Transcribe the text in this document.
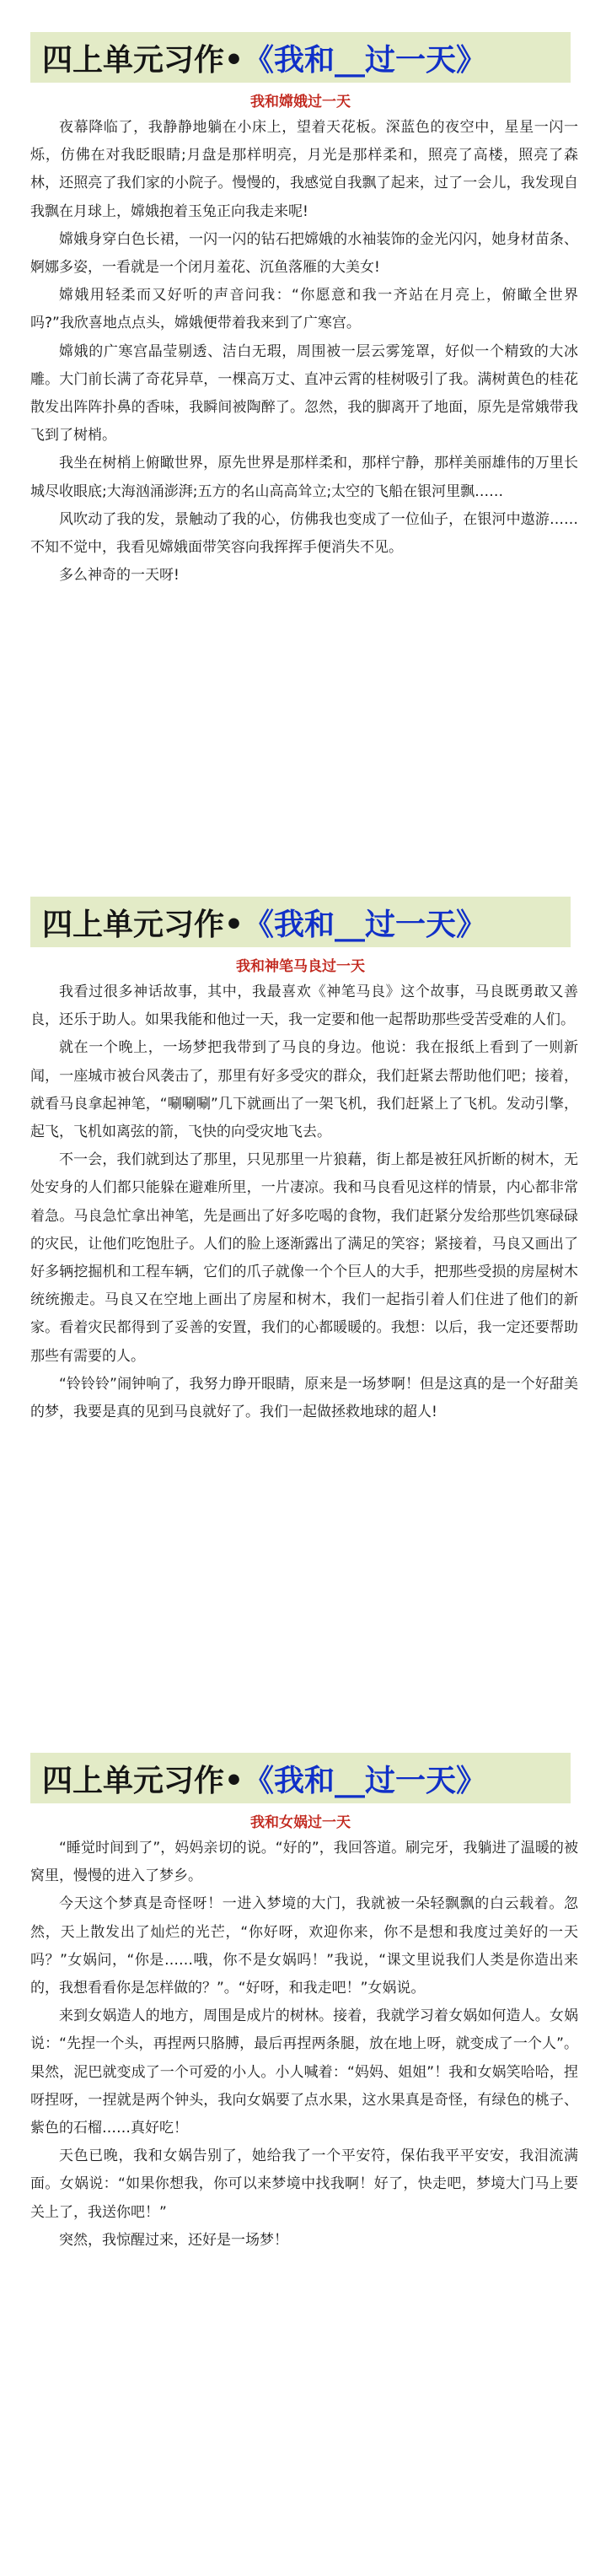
四上单元习作• 《我和__过一天》
我和嫦娥过一天

夜幕降临了，我静静地躺在小床上，望着天花板。深蓝色的夜空中，星星一闪一烁，仿佛在对我眨眼睛;月盘是那样明亮，月光是那样柔和，照亮了高楼，照亮了森林，还照亮了我们家的小院子。慢慢的，我感觉自我飘了起来，过了一会儿，我发现自我飘在月球上，嫦娥抱着玉兔正向我走来呢!

嫦娥身穿白色长裙，一闪一闪的钻石把嫦娥的水袖装饰的金光闪闪，她身材苗条、婀娜多姿，一看就是一个闭月羞花、沉鱼落雁的大美女!

嫦娥用轻柔而又好听的声音问我：“你愿意和我一齐站在月亮上，俯瞰全世界吗?”我欣喜地点点头，嫦娥便带着我来到了广寒宫。

嫦娥的广寒宫晶莹剔透、洁白无瑕，周围被一层云雾笼罩，好似一个精致的大冰雕。大门前长满了奇花异草，一棵高万丈、直冲云霄的桂树吸引了我。满树黄色的桂花散发出阵阵扑鼻的香味，我瞬间被陶醉了。忽然，我的脚离开了地面，原先是常娥带我飞到了树梢。

我坐在树梢上俯瞰世界，原先世界是那样柔和，那样宁静，那样美丽雄伟的万里长城尽收眼底;大海汹涌澎湃;五方的名山高高耸立;太空的飞船在银河里飘……

风吹动了我的发，景触动了我的心，仿佛我也变成了一位仙子，在银河中遨游……不知不觉中，我看见嫦娥面带笑容向我挥挥手便消失不见。

多么神奇的一天呀!

四上单元习作• 《我和__过一天》
我和神笔马良过一天

我看过很多神话故事，其中，我最喜欢《神笔马良》这个故事，马良既勇敢又善良，还乐于助人。如果我能和他过一天，我一定要和他一起帮助那些受苦受难的人们。

就在一个晚上，一场梦把我带到了马良的身边。他说：我在报纸上看到了一则新闻，一座城市被台风袭击了，那里有好多受灾的群众，我们赶紧去帮助他们吧；接着，就看马良拿起神笔，“唰唰唰”几下就画出了一架飞机，我们赶紧上了飞机。发动引擎，起飞，飞机如离弦的箭，飞快的向受灾地飞去。

不一会，我们就到达了那里，只见那里一片狼藉，街上都是被狂风折断的树木，无处安身的人们都只能躲在避难所里，一片凄凉。我和马良看见这样的情景，内心都非常着急。马良急忙拿出神笔，先是画出了好多吃喝的食物，我们赶紧分发给那些饥寒碌碌的灾民，让他们吃饱肚子。人们的脸上逐渐露出了满足的笑容；紧接着，马良又画出了好多辆挖掘机和工程车辆，它们的爪子就像一个个巨人的大手，把那些受损的房屋树木统统搬走。马良又在空地上画出了房屋和树木，我们一起指引着人们住进了他们的新家。看着灾民都得到了妥善的安置，我们的心都暖暖的。我想：以后，我一定还要帮助那些有需要的人。

“铃铃铃”闹钟响了，我努力睁开眼睛，原来是一场梦啊！但是这真的是一个好甜美的梦，我要是真的见到马良就好了。我们一起做拯救地球的超人!

四上单元习作• 《我和__过一天》
我和女娲过一天

“睡觉时间到了”，妈妈亲切的说。“好的”，我回答道。刷完牙，我躺进了温暖的被窝里，慢慢的进入了梦乡。

今天这个梦真是奇怪呀！一进入梦境的大门，我就被一朵轻飘飘的白云载着。忽然，天上散发出了灿烂的光芒，“你好呀，欢迎你来，你不是想和我度过美好的一天吗？”女娲问，“你是……哦，你不是女娲吗！”我说，“课文里说我们人类是你造出来的，我想看看你是怎样做的？”。“好呀，和我走吧！”女娲说。

来到女娲造人的地方，周围是成片的树林。接着，我就学习着女娲如何造人。女娲说：“先捏一个头，再捏两只胳膊，最后再捏两条腿，放在地上呀，就变成了一个人”。果然，泥巴就变成了一个可爱的小人。小人喊着：“妈妈、姐姐”！我和女娲笑哈哈，捏呀捏呀，一捏就是两个钟头，我向女娲要了点水果，这水果真是奇怪，有绿色的桃子、紫色的石榴……真好吃！

天色已晚，我和女娲告别了，她给我了一个平安符，保佑我平平安安，我泪流满面。女娲说：“如果你想我，你可以来梦境中找我啊！好了，快走吧，梦境大门马上要关上了，我送你吧！”

突然，我惊醒过来，还好是一场梦！
